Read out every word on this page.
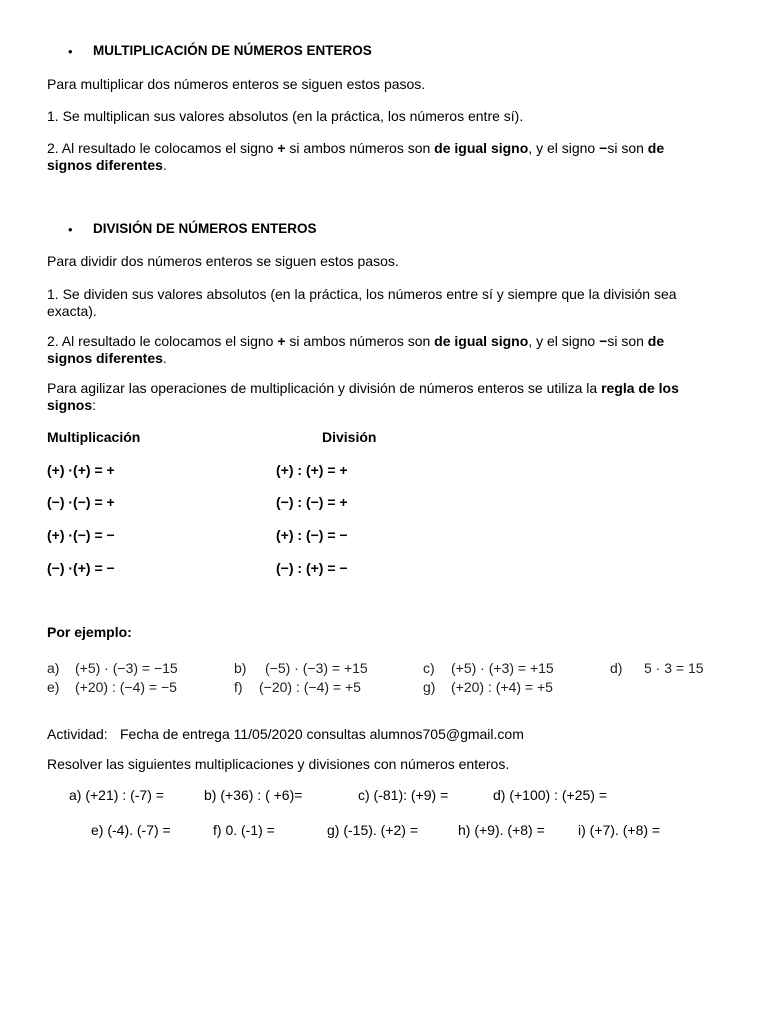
• MULTIPLICACIÓN DE NÚMEROS ENTEROS
Para multiplicar dos números enteros se siguen estos pasos.
1. Se multiplican sus valores absolutos (en la práctica, los números entre sí).
2. Al resultado le colocamos el signo + si ambos números son de igual signo, y el signo −si son de signos diferentes.
• DIVISIÓN DE NÚMEROS ENTEROS
Para dividir dos números enteros se siguen estos pasos.
1. Se dividen sus valores absolutos (en la práctica, los números entre sí y siempre que la división sea exacta).
2. Al resultado le colocamos el signo + si ambos números son de igual signo, y el signo −si son de signos diferentes.
Para agilizar las operaciones de multiplicación y división de números enteros se utiliza la regla de los signos:
Multiplicación	División
(+) ·(+) = +	(+) : (+) = +
(−) ·(−) = +	(−) : (−) = +
(+) ·(−) = −	(+) : (−) = −
(−) ·(+) = −	(−) : (+) = −
Por ejemplo:
a) (+5) · (−3) = −15	b) (−5) · (−3) = +15	c) (+5) · (+3) = +15	d) 5 · 3 = 15
e) (+20) : (−4) = −5	f) (−20) : (−4) = +5	g) (+20) : (+4) = +5
Actividad: Fecha de entrega 11/05/2020 consultas alumnos705@gmail.com
Resolver las siguientes multiplicaciones y divisiones con números enteros.
a) (+21) : (-7) =	b) (+36) : ( +6)=	c) (-81): (+9) =	d) (+100) : (+25) =
e) (-4). (-7) =	f) 0. (-1) =	g) (-15). (+2) =	h) (+9). (+8) = i) (+7). (+8) =
